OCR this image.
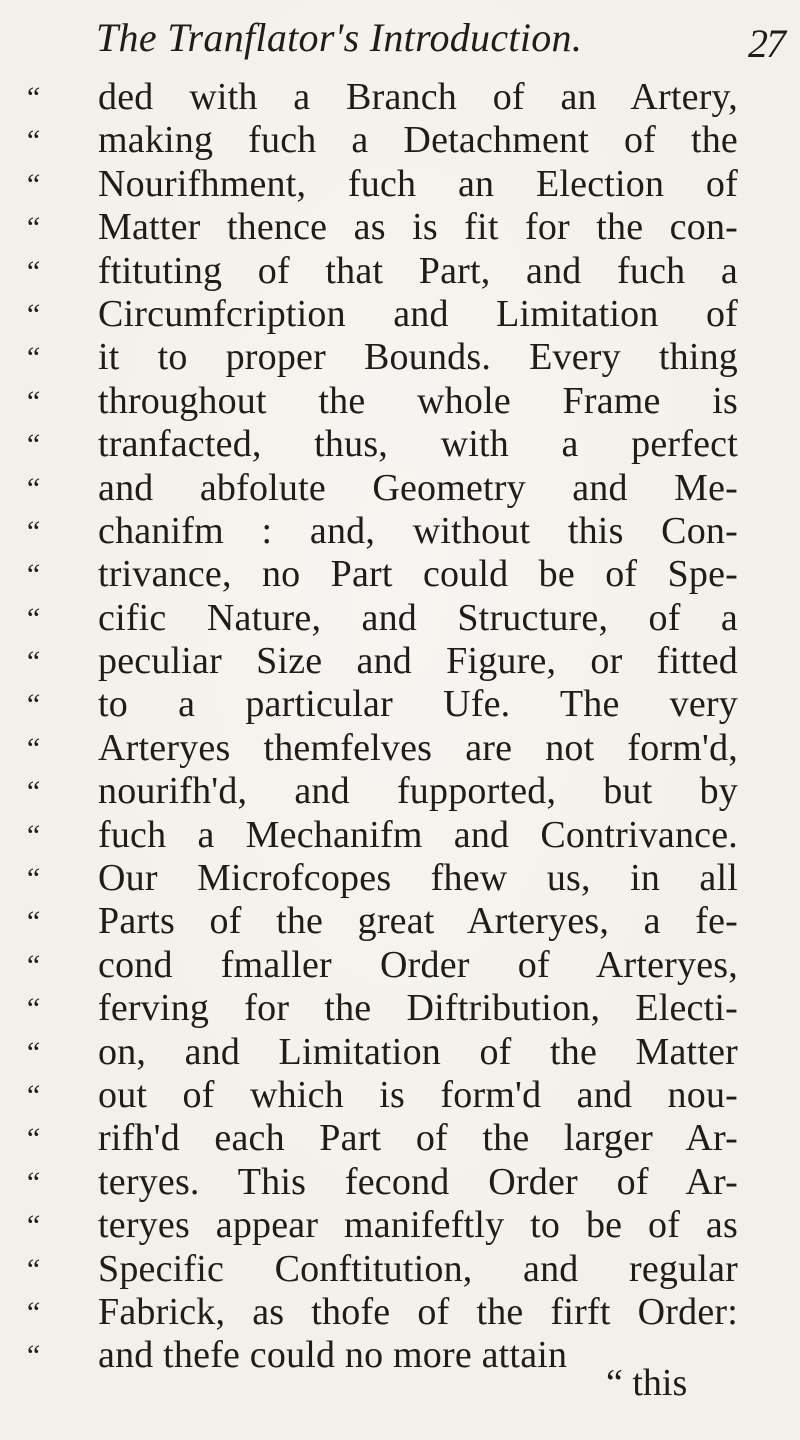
The Tranflator's Introduction.	27
“
“
“
“
“
“
“
“
“
“
“
“
“
“
“
“
“
“
“
“
“
“
“
“
“
“
“
“
“
“
ded with a Branch of an Artery,
making fuch a Detachment of the
Nourifhment, fuch an Election of
Matter thence as is fit for the con-
ftituting of that Part, and fuch a
Circumfcription and Limitation of
it to proper Bounds. Every thing
throughout the whole Frame is
tranfacted, thus, with a perfect
and abfolute Geometry and Me-
chanifm : and, without this Con-
trivance, no Part could be of Spe-
cific Nature, and Structure, of a
peculiar Size and Figure, or fitted
to a particular Ufe. The very
Arteryes themfelves are not form'd,
nourifh'd, and fupported, but by
fuch a Mechanifm and Contrivance.
Our Microfcopes fhew us, in all
Parts of the great Arteryes, a fe-
cond fmaller Order of Arteryes,
ferving for the Diftribution, Electi-
on, and Limitation of the Matter
out of which is form'd and nou-
rifh'd each Part of the larger Ar-
teryes. This fecond Order of Ar-
teryes appear manifeftly to be of as
Specific Conftitution, and regular
Fabrick, as thofe of the firft Order:
and thefe could no more attain
“ this
